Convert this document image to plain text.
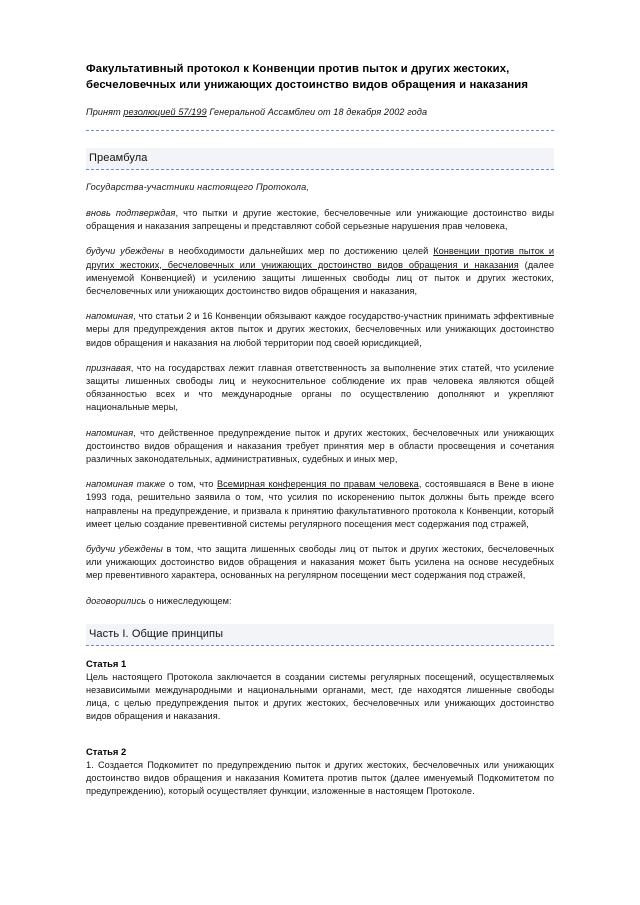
Факультативный протокол к Конвенции против пыток и других жестоких, бесчеловечных или унижающих достоинство видов обращения и наказания
Принят резолюцией 57/199 Генеральной Ассамблеи от 18 декабря 2002 года
Преамбула
Государства-участники настоящего Протокола,

вновь подтверждая, что пытки и другие жестокие, бесчеловечные или унижающие достоинство виды обращения и наказания запрещены и представляют собой серьезные нарушения прав человека,

будучи убеждены в необходимости дальнейших мер по достижению целей Конвенции против пыток и других жестоких, бесчеловечных или унижающих достоинство видов обращения и наказания (далее именуемой Конвенцией) и усилению защиты лишенных свободы лиц от пыток и других жестоких, бесчеловечных или унижающих достоинство видов обращения и наказания,

напоминая, что статьи 2 и 16 Конвенции обязывают каждое государство-участник принимать эффективные меры для предупреждения актов пыток и других жестоких, бесчеловечных или унижающих достоинство видов обращения и наказания на любой территории под своей юрисдикцией,

признавая, что на государствах лежит главная ответственность за выполнение этих статей, что усиление защиты лишенных свободы лиц и неукоснительное соблюдение их прав человека являются общей обязанностью всех и что международные органы по осуществлению дополняют и укрепляют национальные меры,

напоминая, что действенное предупреждение пыток и других жестоких, бесчеловечных или унижающих достоинство видов обращения и наказания требует принятия мер в области просвещения и сочетания различных законодательных, административных, судебных и иных мер,

напоминая также о том, что Всемирная конференция по правам человека, состоявшаяся в Вене в июне 1993 года, решительно заявила о том, что усилия по искоренению пыток должны быть прежде всего направлены на предупреждение, и призвала к принятию факультативного протокола к Конвенции, который имеет целью создание превентивной системы регулярного посещения мест содержания под стражей,

будучи убеждены в том, что защита лишенных свободы лиц от пыток и других жестоких, бесчеловечных или унижающих достоинство видов обращения и наказания может быть усилена на основе несудебных мер превентивного характера, основанных на регулярном посещении мест содержания под стражей,

договорились о нижеследующем:

Часть I. Общие принципы
Статья 1

Цель настоящего Протокола заключается в создании системы регулярных посещений, осуществляемых независимыми международными и национальными органами, мест, где находятся лишенные свободы лица, с целью предупреждения пыток и других жестоких, бесчеловечных или унижающих достоинство видов обращения и наказания.

Статья 2

1. Создается Подкомитет по предупреждению пыток и других жестоких, бесчеловечных или унижающих достоинство видов обращения и наказания Комитета против пыток (далее именуемый Подкомитетом по предупреждению), который осуществляет функции, изложенные в настоящем Протоколе.
